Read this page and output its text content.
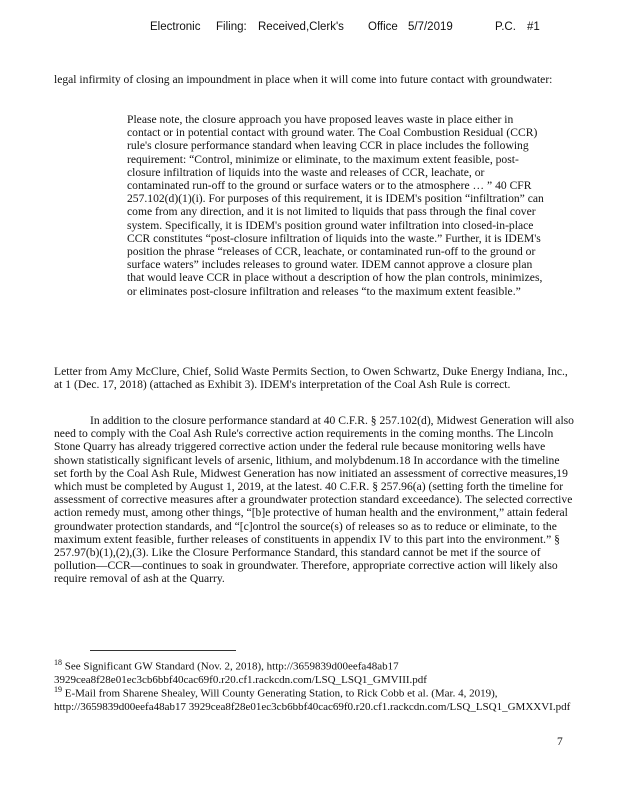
Electronic Filing: Received,Clerk's Office 5/7/2019	P.C. #1

legal infirmity of closing an impoundment in place when it will come into future contact with groundwater:

Please note, the closure approach you have proposed leaves waste in place either in contact or in potential contact with ground water. The Coal Combustion Residual (CCR) rule's closure performance standard when leaving CCR in place includes the following requirement: “Control, minimize or eliminate, to the maximum extent feasible, post-closure infiltration of liquids into the waste and releases of CCR, leachate, or contaminated run-off to the ground or surface waters or to the atmosphere … ” 40 CFR 257.102(d)(1)(i). For purposes of this requirement, it is IDEM's position “infiltration” can come from any direction, and it is not limited to liquids that pass through the final cover system. Specifically, it is IDEM's position ground water infiltration into closed-in-place CCR constitutes “post-closure infiltration of liquids into the waste.” Further, it is IDEM's position the phrase “releases of CCR, leachate, or contaminated run-off to the ground or surface waters” includes releases to ground water. IDEM cannot approve a closure plan that would leave CCR in place without a description of how the plan controls, minimizes, or eliminates post-closure infiltration and releases “to the maximum extent feasible.”

Letter from Amy McClure, Chief, Solid Waste Permits Section, to Owen Schwartz, Duke Energy Indiana, Inc., at 1 (Dec. 17, 2018) (attached as Exhibit 3). IDEM's interpretation of the Coal Ash Rule is correct.

In addition to the closure performance standard at 40 C.F.R. § 257.102(d), Midwest Generation will also need to comply with the Coal Ash Rule's corrective action requirements in the coming months. The Lincoln Stone Quarry has already triggered corrective action under the federal rule because monitoring wells have shown statistically significant levels of arsenic, lithium, and molybdenum.18 In accordance with the timeline set forth by the Coal Ash Rule, Midwest Generation has now initiated an assessment of corrective measures,19 which must be completed by August 1, 2019, at the latest. 40 C.F.R. § 257.96(a) (setting forth the timeline for assessment of corrective measures after a groundwater protection standard exceedance). The selected corrective action remedy must, among other things, “[b]e protective of human health and the environment,” attain federal groundwater protection standards, and “[c]ontrol the source(s) of releases so as to reduce or eliminate, to the maximum extent feasible, further releases of constituents in appendix IV to this part into the environment.” § 257.97(b)(1),(2),(3). Like the Closure Performance Standard, this standard cannot be met if the source of pollution—CCR—continues to soak in groundwater. Therefore, appropriate corrective action will likely also require removal of ash at the Quarry.

$^{18}$ See Significant GW Standard (Nov. 2, 2018), http://3659839d00eefa48ab17 3929cea8f28e01ec3cb6bbf40cac69f0.r20.cf1.rackcdn.com/LSQ_LSQ1_GMVIII.pdf

$^{19}$ E-Mail from Sharene Shealey, Will County Generating Station, to Rick Cobb et al. (Mar. 4, 2019), http://3659839d00eefa48ab17 3929cea8f28e01ec3cb6bbf40cac69f0.r20.cf1.rackcdn.com/LSQ_LSQ1_GMXXVI.pdf

7
